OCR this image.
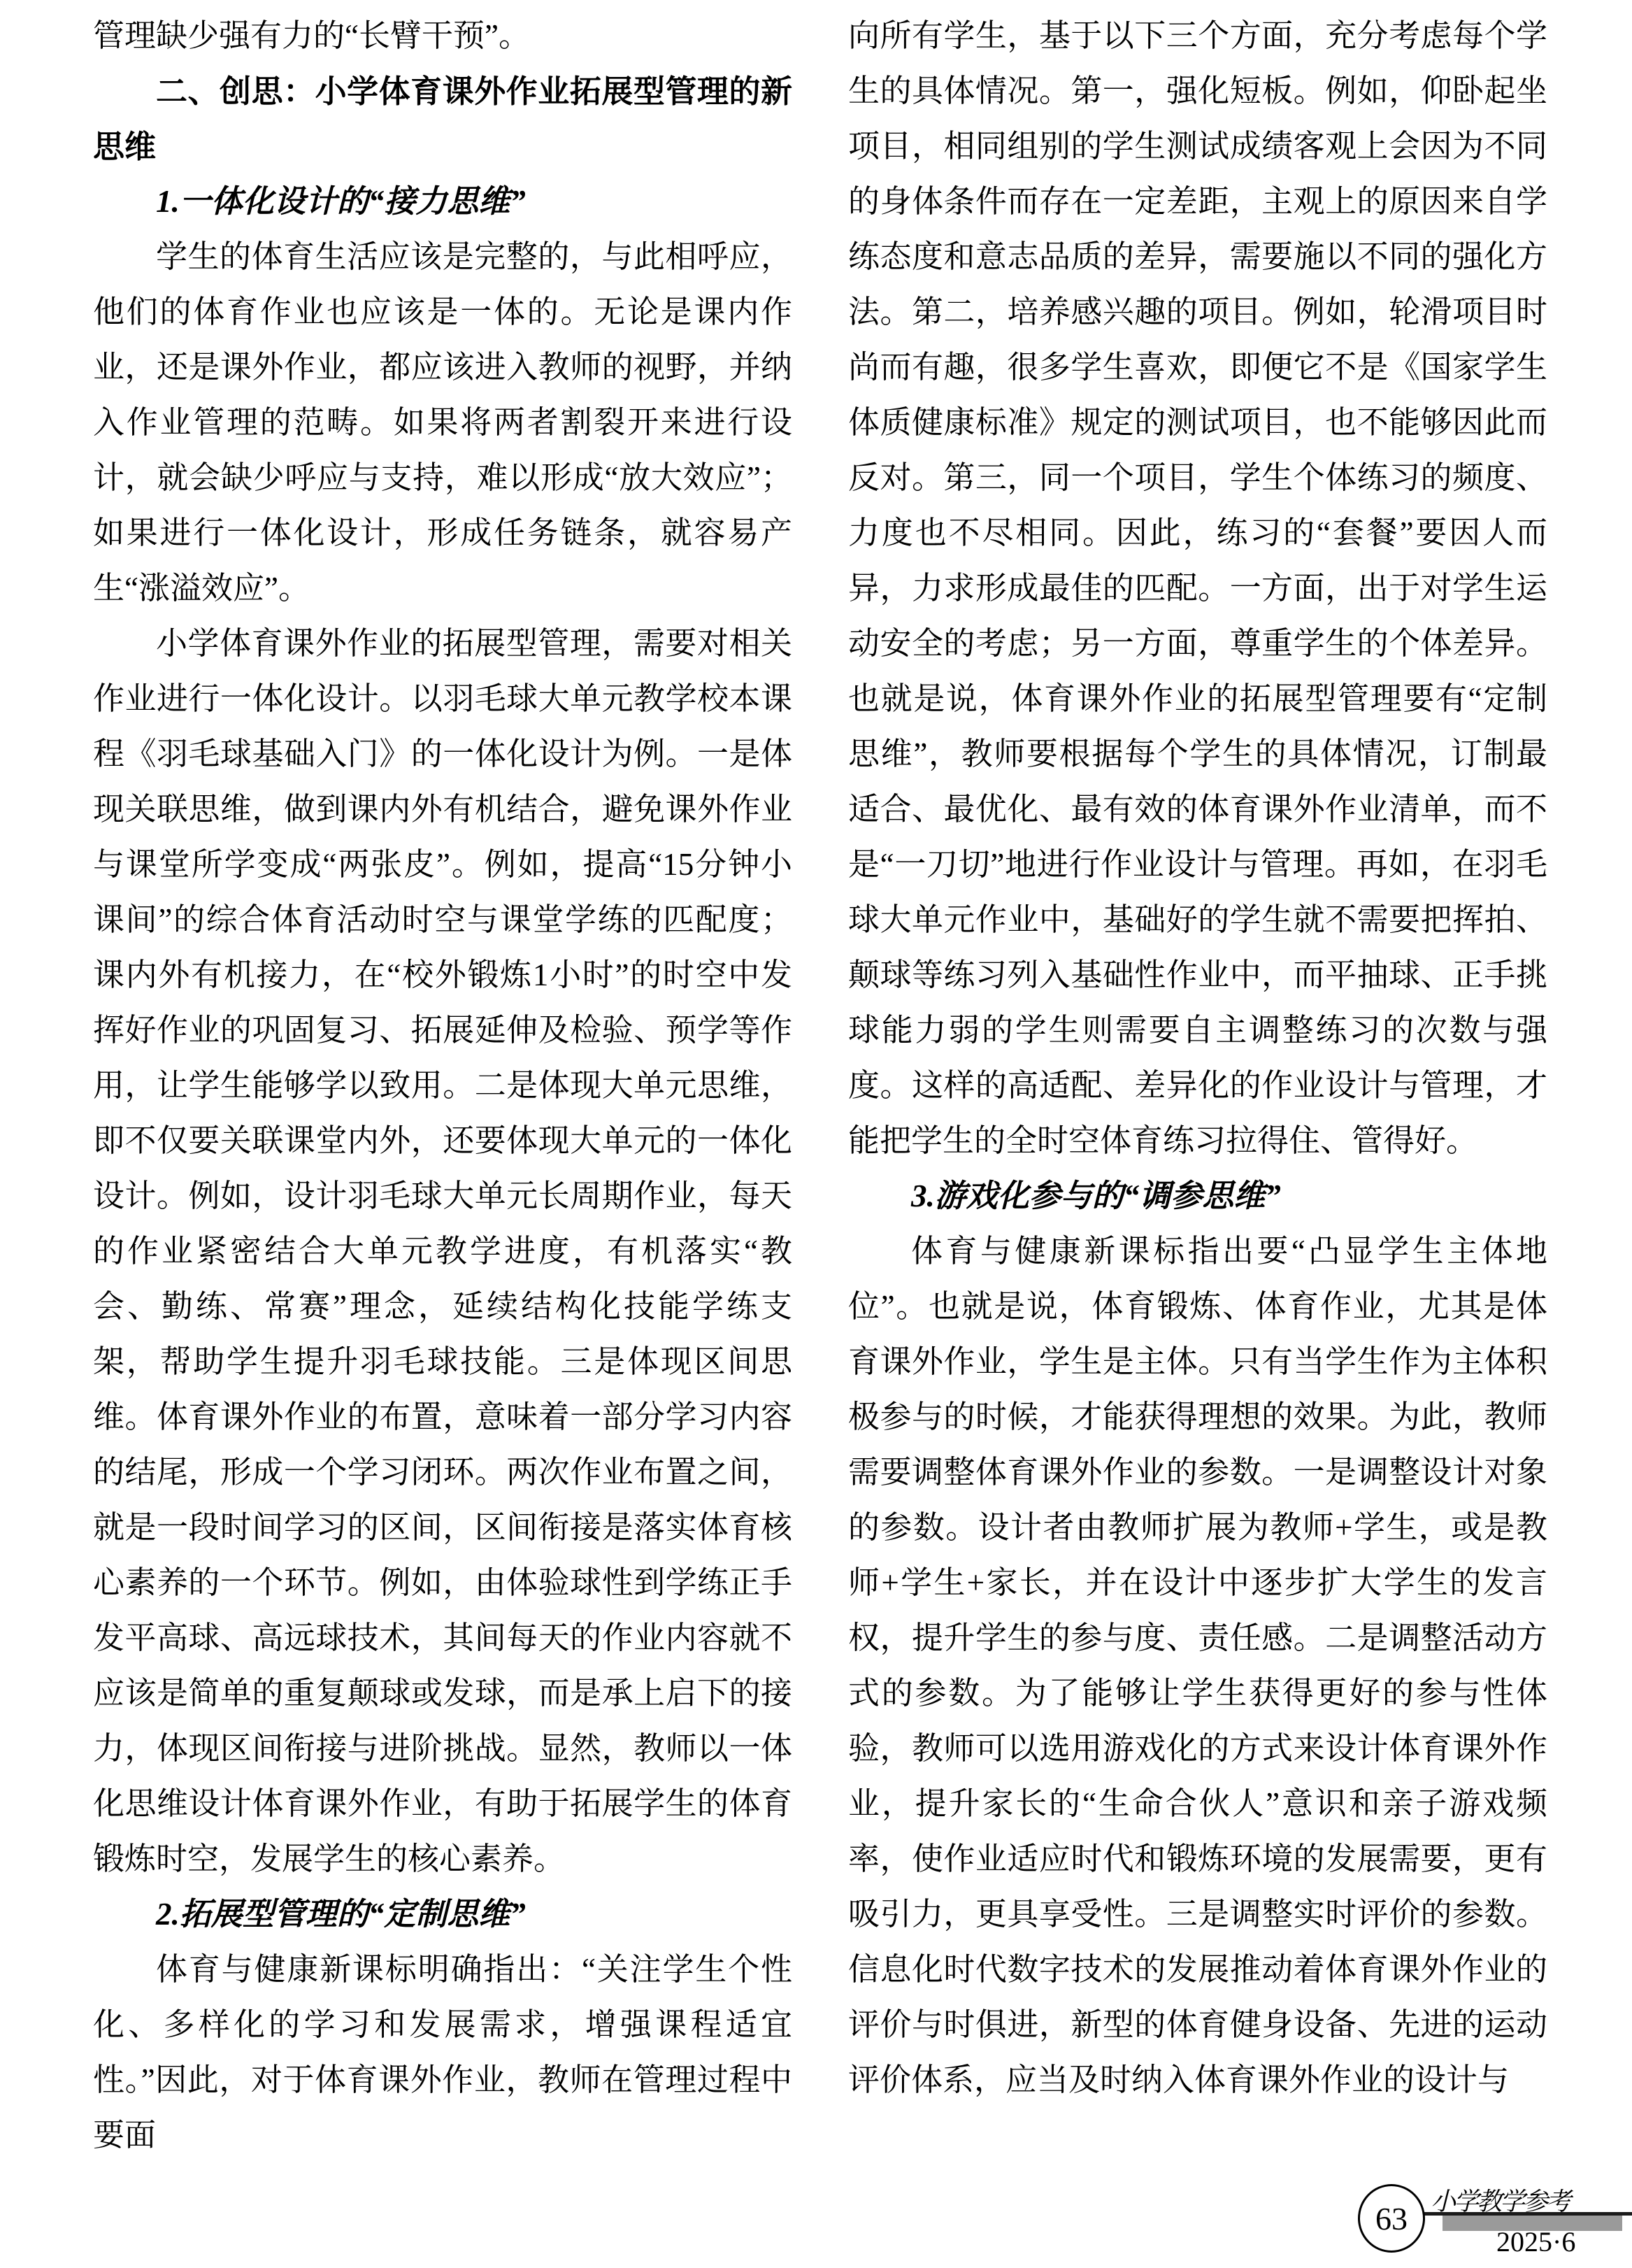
管理缺少强有力的“长臂干预”。

二、创思：小学体育课外作业拓展型管理的新思维

1.一体化设计的“接力思维”

学生的体育生活应该是完整的，与此相呼应，他们的体育作业也应该是一体的。无论是课内作业，还是课外作业，都应该进入教师的视野，并纳入作业管理的范畴。如果将两者割裂开来进行设计，就会缺少呼应与支持，难以形成“放大效应”；如果进行一体化设计，形成任务链条，就容易产生“涨溢效应”。

小学体育课外作业的拓展型管理，需要对相关作业进行一体化设计。以羽毛球大单元教学校本课程《羽毛球基础入门》的一体化设计为例。一是体现关联思维，做到课内外有机结合，避免课外作业与课堂所学变成“两张皮”。例如，提高“15分钟小课间”的综合体育活动时空与课堂学练的匹配度；课内外有机接力，在“校外锻炼1小时”的时空中发挥好作业的巩固复习、拓展延伸及检验、预学等作用，让学生能够学以致用。二是体现大单元思维，即不仅要关联课堂内外，还要体现大单元的一体化设计。例如，设计羽毛球大单元长周期作业，每天的作业紧密结合大单元教学进度，有机落实“教会、勤练、常赛”理念，延续结构化技能学练支架，帮助学生提升羽毛球技能。三是体现区间思维。体育课外作业的布置，意味着一部分学习内容的结尾，形成一个学习闭环。两次作业布置之间，就是一段时间学习的区间，区间衔接是落实体育核心素养的一个环节。例如，由体验球性到学练正手发平高球、高远球技术，其间每天的作业内容就不应该是简单的重复颠球或发球，而是承上启下的接力，体现区间衔接与进阶挑战。显然，教师以一体化思维设计体育课外作业，有助于拓展学生的体育锻炼时空，发展学生的核心素养。

2.拓展型管理的“定制思维”

体育与健康新课标明确指出：“关注学生个性化、多样化的学习和发展需求，增强课程适宜性。”因此，对于体育课外作业，教师在管理过程中要面

向所有学生，基于以下三个方面，充分考虑每个学生的具体情况。第一，强化短板。例如，仰卧起坐项目，相同组别的学生测试成绩客观上会因为不同的身体条件而存在一定差距，主观上的原因来自学练态度和意志品质的差异，需要施以不同的强化方法。第二，培养感兴趣的项目。例如，轮滑项目时尚而有趣，很多学生喜欢，即便它不是《国家学生体质健康标准》规定的测试项目，也不能够因此而反对。第三，同一个项目，学生个体练习的频度、力度也不尽相同。因此，练习的“套餐”要因人而异，力求形成最佳的匹配。一方面，出于对学生运动安全的考虑；另一方面，尊重学生的个体差异。也就是说，体育课外作业的拓展型管理要有“定制思维”，教师要根据每个学生的具体情况，订制最适合、最优化、最有效的体育课外作业清单，而不是“一刀切”地进行作业设计与管理。再如，在羽毛球大单元作业中，基础好的学生就不需要把挥拍、颠球等练习列入基础性作业中，而平抽球、正手挑球能力弱的学生则需要自主调整练习的次数与强度。这样的高适配、差异化的作业设计与管理，才能把学生的全时空体育练习拉得住、管得好。

3.游戏化参与的“调参思维”

体育与健康新课标指出要“凸显学生主体地位”。也就是说，体育锻炼、体育作业，尤其是体育课外作业，学生是主体。只有当学生作为主体积极参与的时候，才能获得理想的效果。为此，教师需要调整体育课外作业的参数。一是调整设计对象的参数。设计者由教师扩展为教师+学生，或是教师+学生+家长，并在设计中逐步扩大学生的发言权，提升学生的参与度、责任感。二是调整活动方式的参数。为了能够让学生获得更好的参与性体验，教师可以选用游戏化的方式来设计体育课外作业，提升家长的“生命合伙人”意识和亲子游戏频率，使作业适应时代和锻炼环境的发展需要，更有吸引力，更具享受性。三是调整实时评价的参数。信息化时代数字技术的发展推动着体育课外作业的评价与时俱进，新型的体育健身设备、先进的运动评价体系，应当及时纳入体育课外作业的设计与

63 小学教学参考
2025·6
